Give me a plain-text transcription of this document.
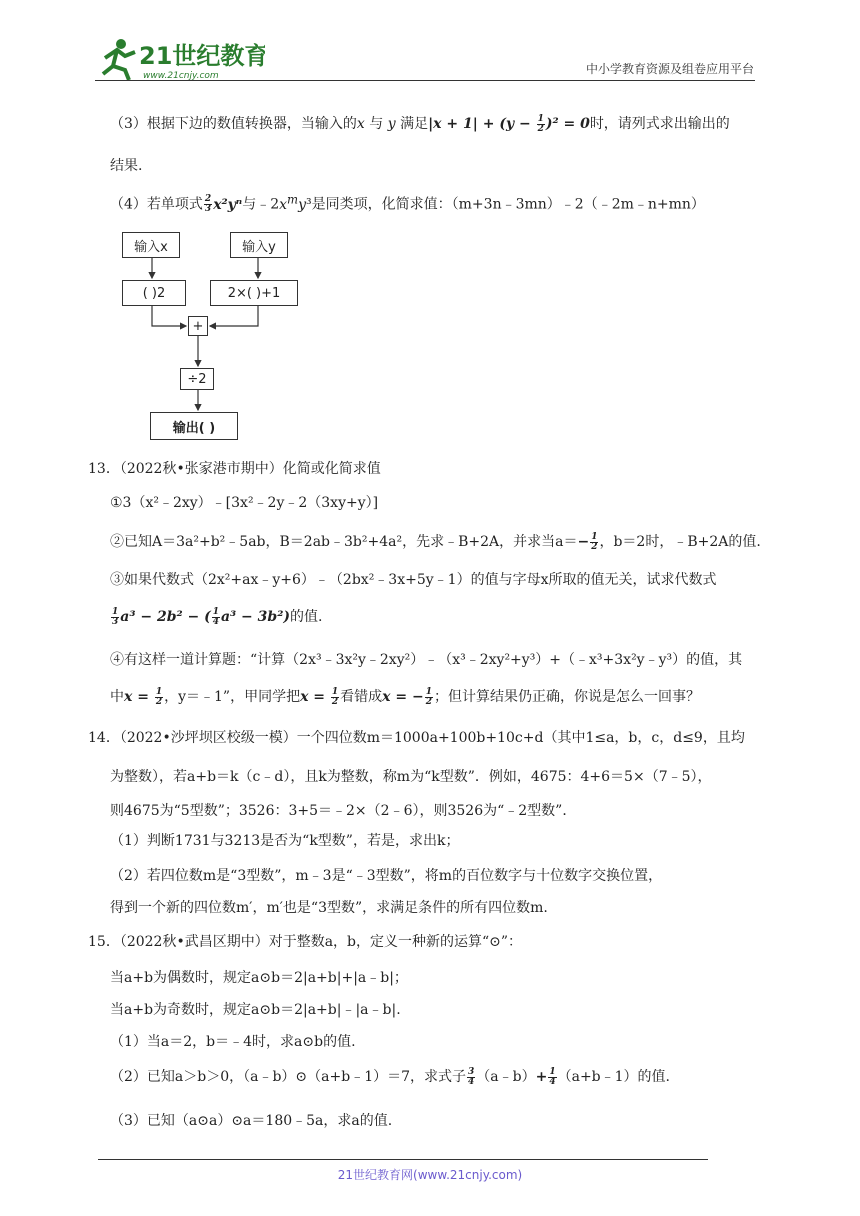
21世纪教育
www.21cnjy.com	中小学教育资源及组卷应用平台
（3）根据下边的数值转换器，当输入的x 与 y 满足$|x + 1| + (y - \frac{1}{2} )^2 = 0$时，请列式求出输出的
结果.
（4）若单项式 $\frac{2}{3} x^2y^n$与$﹣2x^my^3$是同类项，化简求值：（m+3n﹣3mn）﹣2（﹣2m﹣n+mn）
输入x	输入y
( )2	2×( )+1
+
÷2
输出( )
13．（2022秋•张家港市期中）化简或化简求值
①3（x²﹣2xy）﹣[3x²﹣2y﹣2（3xy+y）]
②已知A＝3a²+b²﹣5ab，B＝2ab﹣3b²+4a²，先求﹣B+2A，并求当$a=- \frac{1}{2}$ ，b＝2时，﹣B+2A的值.
③如果代数式（2x²+ax﹣y+6）﹣（2bx²﹣3x+5y﹣1）的值与字母x所取的值无关，试求代数式
$\frac{1}{3} a^3 - 2b^2$ − ( $\frac{1}{4} a^3 - 3b^2$)的值.
④有这样一道计算题：“计算（2x³﹣3x²y﹣2xy²）﹣（x³﹣2xy²+y³）+（﹣x³+3x²y﹣y³）的值，其
中$x = \frac{1}{2}$ ，y＝﹣1”，甲同学把$x = \frac{1}{2}$ 看错成x = − $\frac{1}{2}$ ；但计算结果仍正确，你说是怎么一回事？
14．（2022•沙坪坝区校级一模）一个四位数m＝1000a+100b+10c+d（其中1≤a，b，c，d≤9，且均
为整数），若a+b＝k（c﹣d），且k为整数，称m为“k型数”．例如，4675：4+6＝5×（7﹣5），
则4675为“5型数”；3526：3+5＝﹣2×（2﹣6），则3526为“﹣2型数”．
（1）判断1731与3213是否为“k型数”，若是，求出k；
（2）若四位数m是“3型数”，m﹣3是“﹣3型数”，将m的百位数字与十位数字交换位置，
得到一个新的四位数m′，m′也是“3型数”，求满足条件的所有四位数m.
15．（2022秋•武昌区期中）对于整数a，b，定义一种新的运算“⊙”：
当a+b为偶数时，规定a⊙b＝2|a+b|+|a﹣b|；
当a+b为奇数时，规定a⊙b＝2|a+b|﹣|a﹣b|.
（1）当a＝2，b＝﹣4时，求a⊙b的值.
（2）已知a＞b＞0，（a﹣b）⊙（a+b﹣1）＝7，求式子 $\frac{3}{4}$ （a﹣b）+ $\frac{1}{4}$ （a+b﹣1）的值.
（3）已知（a⊙a）⊙a＝180﹣5a，求a的值.
21世纪教育网(www.21cnjy.com)
